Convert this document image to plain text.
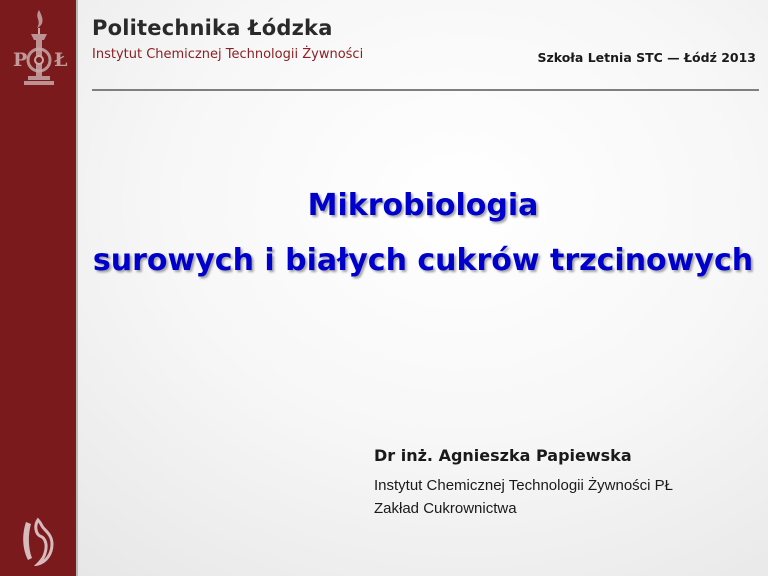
P Ł
Politechnika Łódzka
Instytut Chemicznej Technologii Żywności	Szkoła Letnia STC — Łódź 2013
Mikrobiologia
surowych i białych cukrów trzcinowych
Dr inż. Agnieszka Papiewska
Instytut Chemicznej Technologii Żywności PŁ
Zakład Cukrownictwa
